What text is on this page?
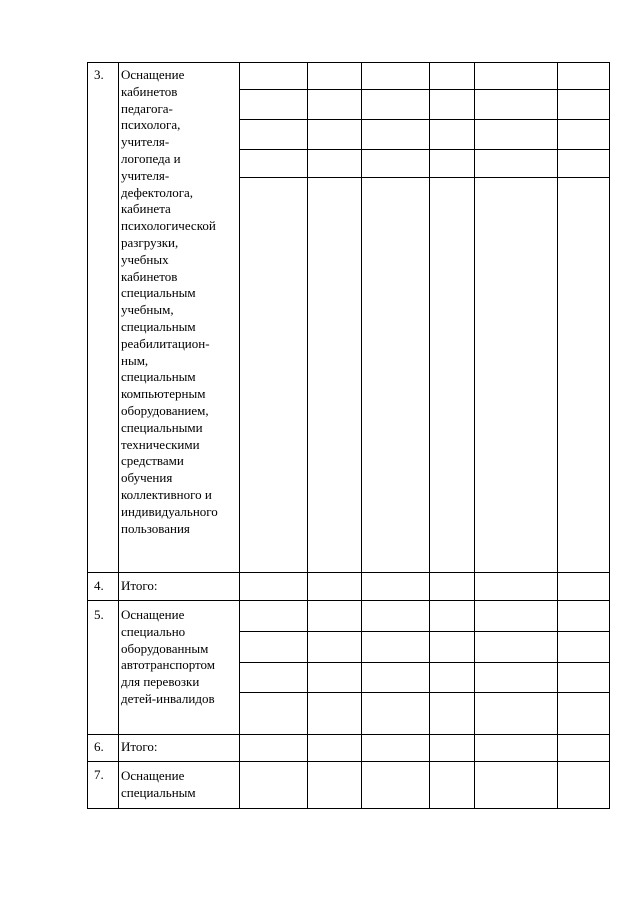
3. Оснащение
кабинетов
педагога-
психолога,
учителя-
логопеда и
учителя-
дефектолога,
кабинета
психологической
разгрузки,
учебных
кабинетов
специальным
учебным,
специальным
реабилитацион-
ным,
специальным
компьютерным
оборудованием,
специальными
техническими
средствами
обучения
коллективного и
индивидуального
пользования
4. Итого:
5. Оснащение
специально
оборудованным
автотранспортом
для перевозки
детей-инвалидов
6. Итого:
7. Оснащение
специальным
